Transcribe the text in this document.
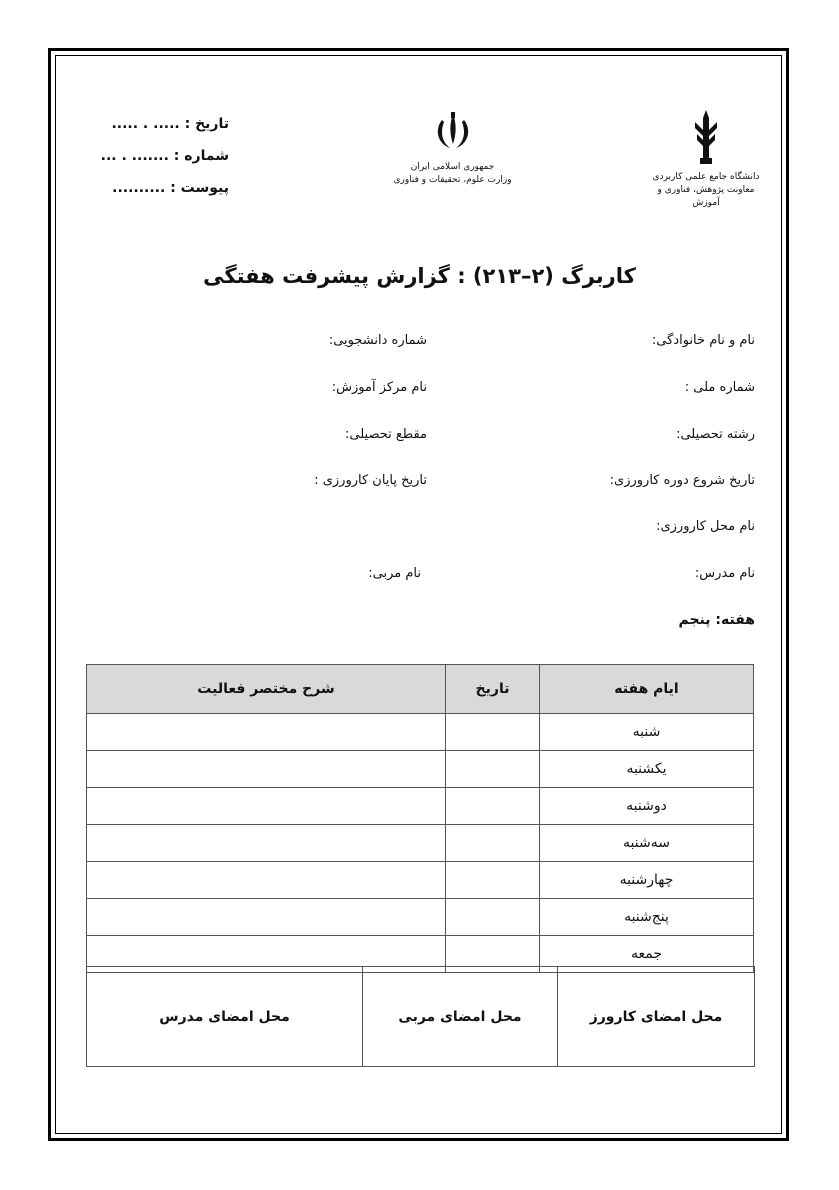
تاریخ : ..... . .....
شماره : ....... . ...
پیوست : ..........
جمهوری اسلامی ایران
وزارت علوم، تحقیقات و فناوری	دانشگاه جامع علمی کاربردی
معاونت پژوهش، فناوری و آموزش
کاربرگ (۲–۲۱۳) : گزارش پیشرفت هفتگی
نام و نام خانوادگی:
شماره دانشجویی:
شماره ملی :
نام مرکز آموزش:
رشته تحصیلی:
مقطع تحصیلی:
تاریخ شروع دوره کارورزی:
تاریخ پایان کارورزی :
نام محل کارورزی:
نام مدرس:
نام مربی:
هفته: پنجم
ایام هفته	تاریخ	شرح مختصر فعالیت
شنبه		
یکشنبه		
دوشنبه		
سه‌شنبه		
چهارشنبه		
پنج‌شنبه		
جمعه		
محل امضای کارورز
محل امضای مربی
محل امضای مدرس
